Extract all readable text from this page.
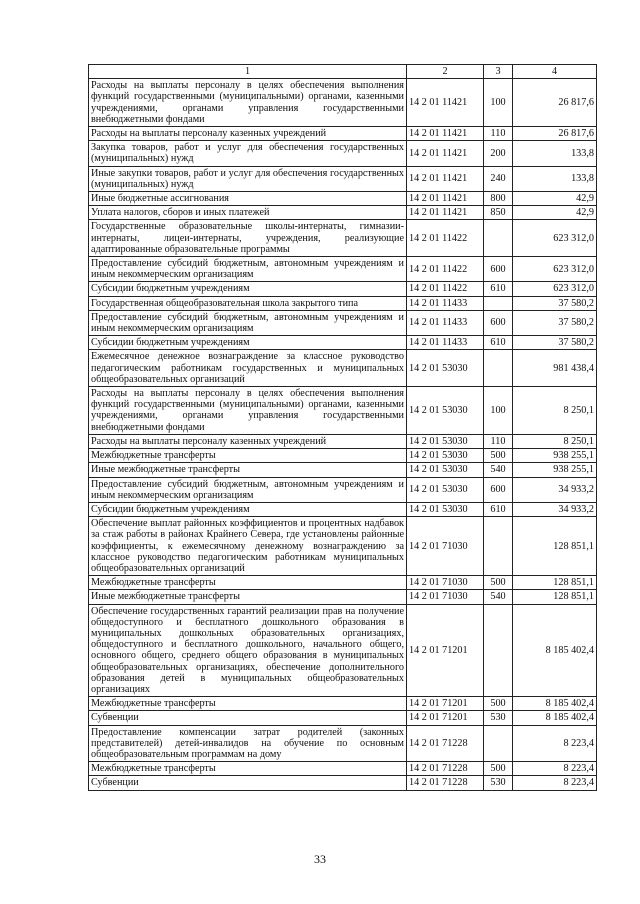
1	2	3	4
Расходы на выплаты персоналу в целях обеспечения выполнения функций государственными (муниципальными) органами, казенными учреждениями, органами управления государственными внебюджетными фондами	14 2 01 11421	100	26 817,6
Расходы на выплаты персоналу казенных учреждений	14 2 01 11421	110	26 817,6
Закупка товаров, работ и услуг для обеспечения государственных (муниципальных) нужд	14 2 01 11421	200	133,8
Иные закупки товаров, работ и услуг для обеспечения государственных (муниципальных) нужд	14 2 01 11421	240	133,8
Иные бюджетные ассигнования	14 2 01 11421	800	42,9
Уплата налогов, сборов и иных платежей	14 2 01 11421	850	42,9
Государственные образовательные школы-интернаты, гимназии-интернаты, лицеи-интернаты, учреждения, реализующие адаптированные образовательные программы	14 2 01 11422		623 312,0
Предоставление субсидий бюджетным, автономным учреждениям и иным некоммерческим организациям	14 2 01 11422	600	623 312,0
Субсидии бюджетным учреждениям	14 2 01 11422	610	623 312,0
Государственная общеобразовательная школа закрытого типа	14 2 01 11433		37 580,2
Предоставление субсидий бюджетным, автономным учреждениям и иным некоммерческим организациям	14 2 01 11433	600	37 580,2
Субсидии бюджетным учреждениям	14 2 01 11433	610	37 580,2
Ежемесячное денежное вознаграждение за классное руководство педагогическим работникам государственных и муниципальных общеобразовательных организаций	14 2 01 53030		981 438,4
Расходы на выплаты персоналу в целях обеспечения выполнения функций государственными (муниципальными) органами, казенными учреждениями, органами управления государственными внебюджетными фондами	14 2 01 53030	100	8 250,1
Расходы на выплаты персоналу казенных учреждений	14 2 01 53030	110	8 250,1
Межбюджетные трансферты	14 2 01 53030	500	938 255,1
Иные межбюджетные трансферты	14 2 01 53030	540	938 255,1
Предоставление субсидий бюджетным, автономным учреждениям и иным некоммерческим организациям	14 2 01 53030	600	34 933,2
Субсидии бюджетным учреждениям	14 2 01 53030	610	34 933,2
Обеспечение выплат районных коэффициентов и процентных надбавок за стаж работы в районах Крайнего Севера, где установлены районные коэффициенты, к ежемесячному денежному вознаграждению за классное руководство педагогическим работникам муниципальных общеобразовательных организаций	14 2 01 71030		128 851,1
Межбюджетные трансферты	14 2 01 71030	500	128 851,1
Иные межбюджетные трансферты	14 2 01 71030	540	128 851,1
Обеспечение государственных гарантий реализации прав на получение общедоступного и бесплатного дошкольного образования в муниципальных дошкольных образовательных организациях, общедоступного и бесплатного дошкольного, начального общего, основного общего, среднего общего образования в муниципальных общеобразовательных организациях, обеспечение дополнительного образования детей в муниципальных общеобразовательных организациях	14 2 01 71201		8 185 402,4
Межбюджетные трансферты	14 2 01 71201	500	8 185 402,4
Субвенции	14 2 01 71201	530	8 185 402,4
Предоставление компенсации затрат родителей (законных представителей) детей-инвалидов на обучение по основным общеобразовательным программам на дому	14 2 01 71228		8 223,4
Межбюджетные трансферты	14 2 01 71228	500	8 223,4
Субвенции	14 2 01 71228	530	8 223,4
33
